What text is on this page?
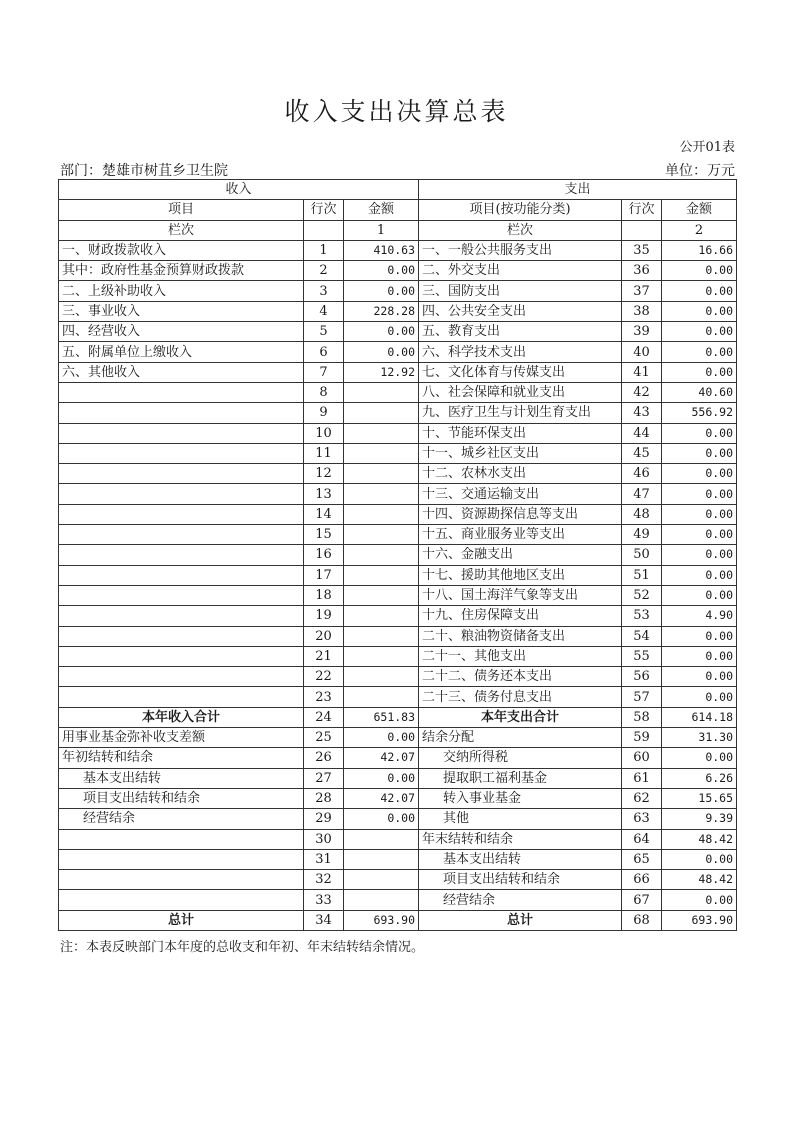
收入支出决算总表
公开01表
部门：楚雄市树苴乡卫生院	单位：万元
收入			支出		
项目	行次	金额	项目(按功能分类)	行次	金额
栏次		1	栏次		2
一、财政拨款收入	1	410.63	一、一般公共服务支出	35	16.66
其中：政府性基金预算财政拨款	2	0.00	二、外交支出	36	0.00
二、上级补助收入	3	0.00	三、国防支出	37	0.00
三、事业收入	4	228.28	四、公共安全支出	38	0.00
四、经营收入	5	0.00	五、教育支出	39	0.00
五、附属单位上缴收入	6	0.00	六、科学技术支出	40	0.00
六、其他收入	7	12.92	七、文化体育与传媒支出	41	0.00
	8		八、社会保障和就业支出	42	40.60
	9		九、医疗卫生与计划生育支出	43	556.92
	10		十、节能环保支出	44	0.00
	11		十一、城乡社区支出	45	0.00
	12		十二、农林水支出	46	0.00
	13		十三、交通运输支出	47	0.00
	14		十四、资源勘探信息等支出	48	0.00
	15		十五、商业服务业等支出	49	0.00
	16		十六、金融支出	50	0.00
	17		十七、援助其他地区支出	51	0.00
	18		十八、国土海洋气象等支出	52	0.00
	19		十九、住房保障支出	53	4.90
	20		二十、粮油物资储备支出	54	0.00
	21		二十一、其他支出	55	0.00
	22		二十二、债务还本支出	56	0.00
	23		二十三、债务付息支出	57	0.00
本年收入合计	24	651.83	本年支出合计	58	614.18
用事业基金弥补收支差额	25	0.00	结余分配	59	31.30
年初结转和结余	26	42.07	交纳所得税	60	0.00
基本支出结转	27	0.00	提取职工福利基金	61	6.26
项目支出结转和结余	28	42.07	转入事业基金	62	15.65
经营结余	29	0.00	其他	63	9.39
	30		年末结转和结余	64	48.42
	31		基本支出结转	65	0.00
	32		项目支出结转和结余	66	48.42
	33		经营结余	67	0.00
总计	34	693.90	总计	68	693.90
注：本表反映部门本年度的总收支和年初、年末结转结余情况。
